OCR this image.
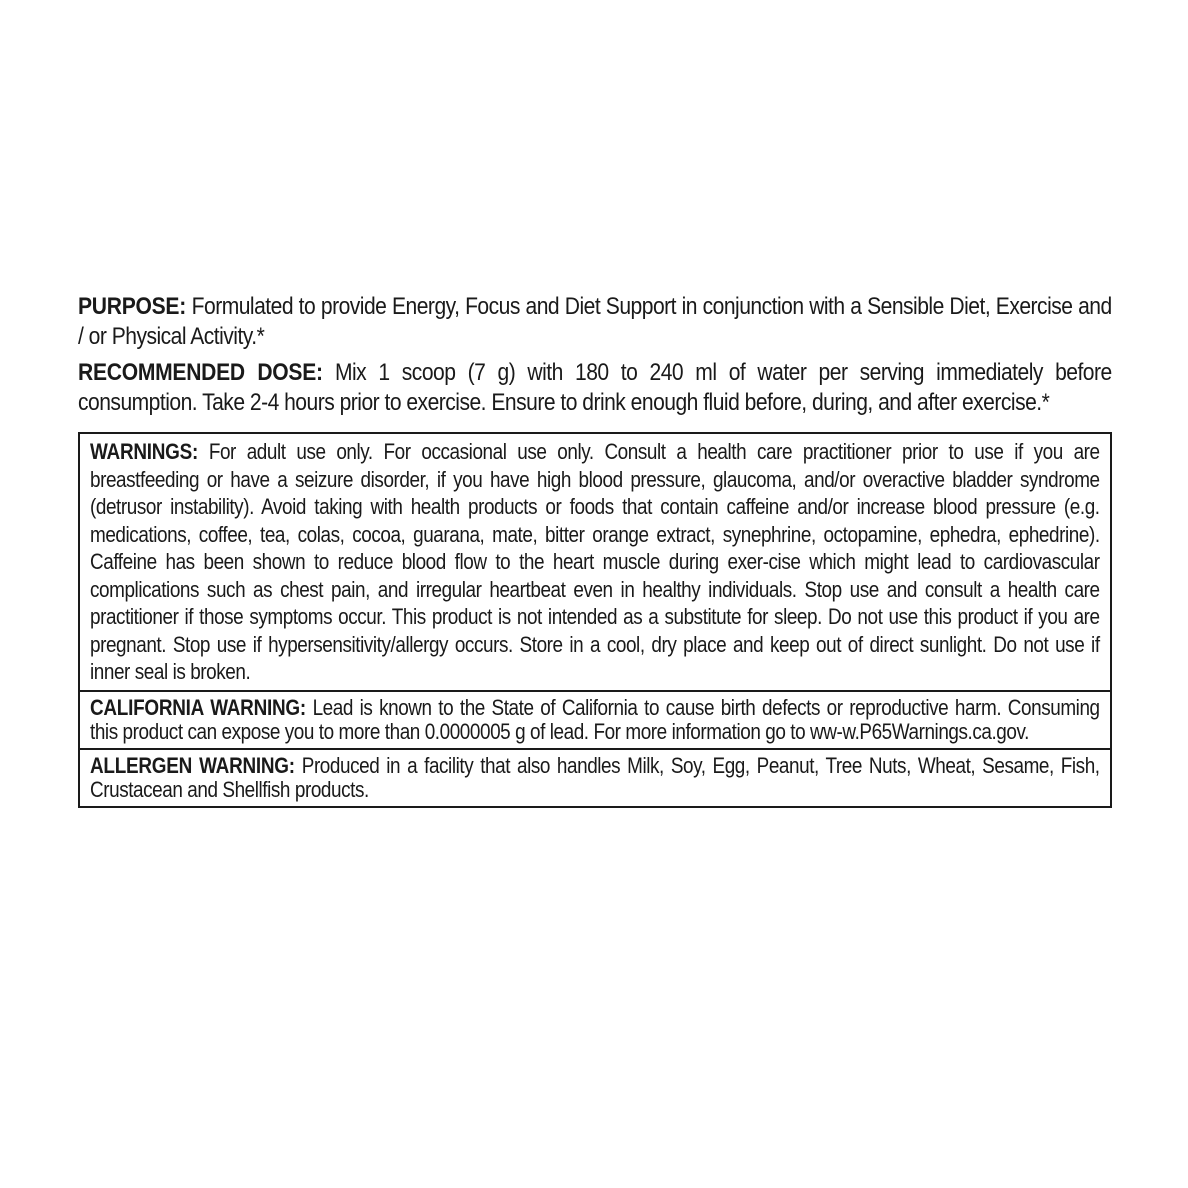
PURPOSE: Formulated to provide Energy, Focus and Diet Support in conjunction with a Sensible Diet, Exercise and / or Physical Activity.*

RECOMMENDED DOSE: Mix 1 scoop (7 g) with 180 to 240 ml of water per serving immediately before consumption. Take 2-4 hours prior to exercise. Ensure to drink enough fluid before, during, and after exercise.*

WARNINGS: For adult use only. For occasional use only. Consult a health care practitioner prior to use if you are breastfeeding or have a seizure disorder, if you have high blood pressure, glaucoma, and/or overactive bladder syndrome (detrusor instability). Avoid taking with health products or foods that contain caffeine and/or increase blood pressure (e.g. medications, coffee, tea, colas, cocoa, guarana, mate, bitter orange extract, synephrine, octopamine, ephedra, ephedrine). Caffeine has been shown to reduce blood flow to the heart muscle during exer-cise which might lead to cardiovascular complications such as chest pain, and irregular heartbeat even in healthy individuals. Stop use and consult a health care practitioner if those symptoms occur. This product is not intended as a substitute for sleep. Do not use this product if you are pregnant. Stop use if hypersensitivity/allergy occurs. Store in a cool, dry place and keep out of direct sunlight. Do not use if inner seal is broken.

CALIFORNIA WARNING: Lead is known to the State of California to cause birth defects or reproductive harm. Consuming this product can expose you to more than 0.0000005 g of lead. For more information go to ww-w.P65Warnings.ca.gov.

ALLERGEN WARNING: Produced in a facility that also handles Milk, Soy, Egg, Peanut, Tree Nuts, Wheat, Sesame, Fish, Crustacean and Shellfish products.
